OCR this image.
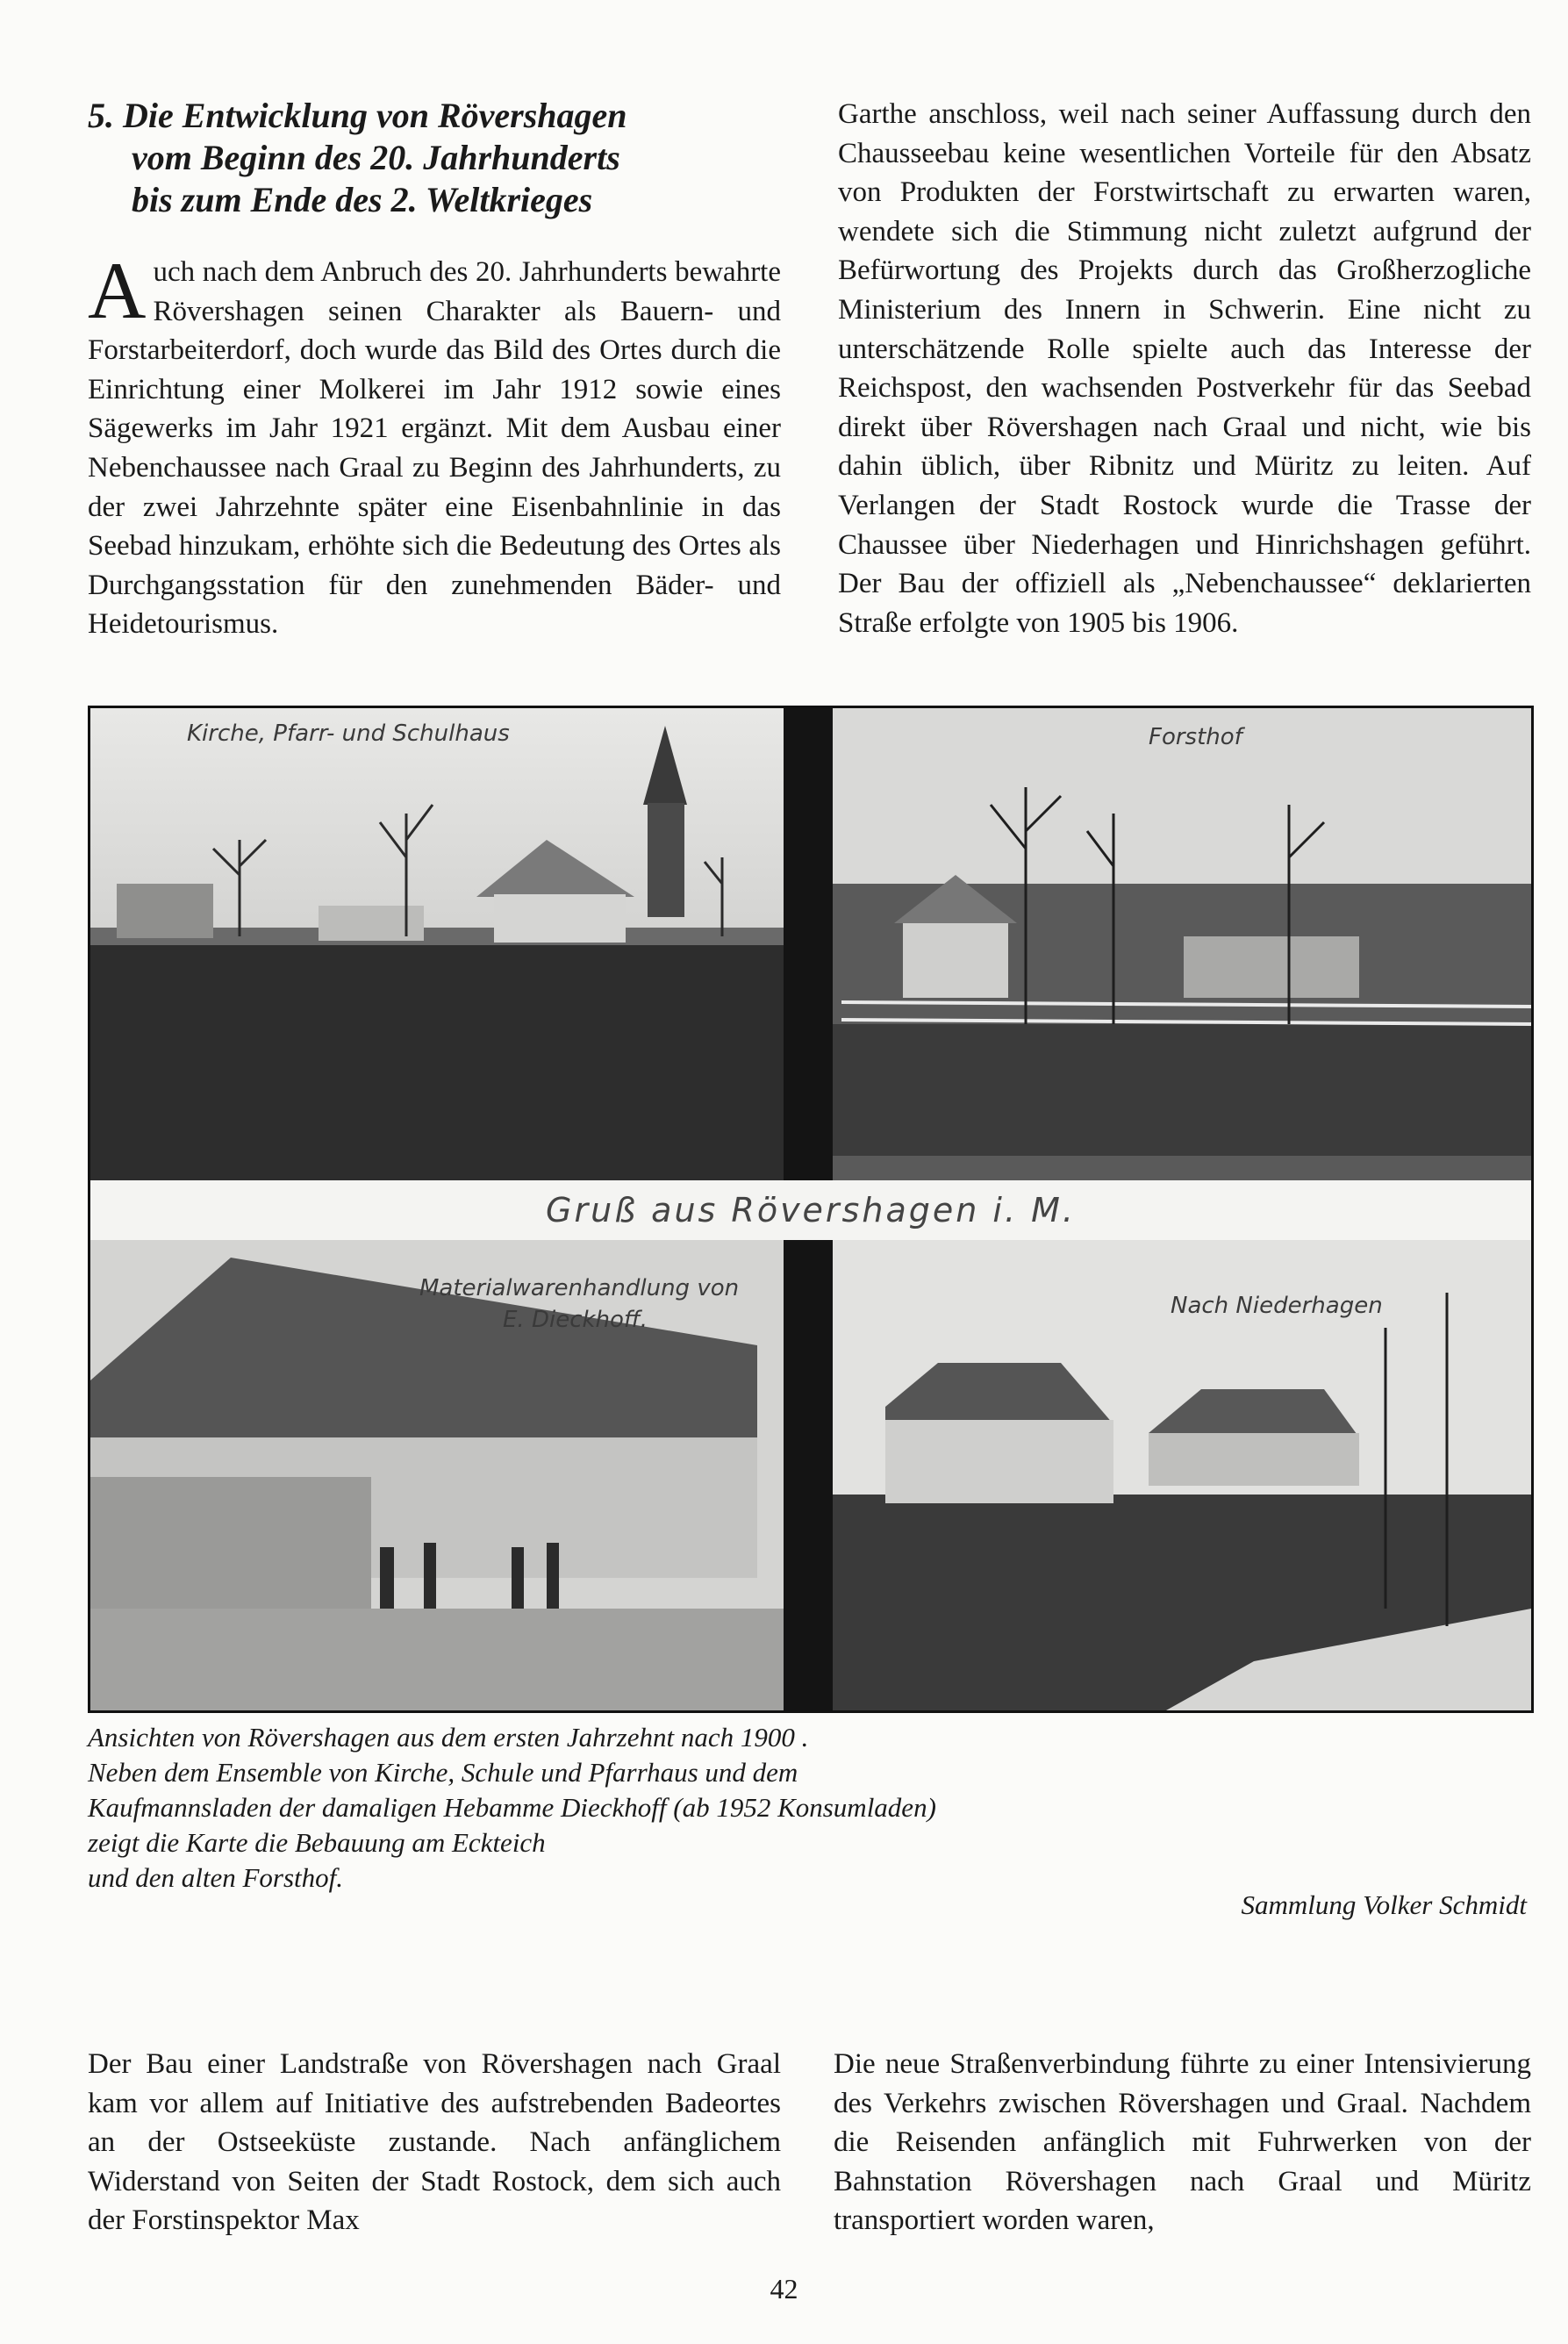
5. Die Entwicklung von Rövershagen
vom Beginn des 20. Jahrhunderts
bis zum Ende des 2. Weltkrieges
Auch nach dem Anbruch des 20. Jahrhunderts bewahrte Rövershagen seinen Charakter als Bauern- und Forstarbeiterdorf, doch wurde das Bild des Ortes durch die Einrichtung einer Molkerei im Jahr 1912 sowie eines Sägewerks im Jahr 1921 ergänzt. Mit dem Ausbau einer Nebenchaussee nach Graal zu Beginn des Jahrhunderts, zu der zwei Jahrzehnte später eine Eisenbahnlinie in das Seebad hinzukam, erhöhte sich die Bedeutung des Ortes als Durchgangsstation für den zunehmenden Bäder- und Heidetourismus.
Garthe anschloss, weil nach seiner Auffassung durch den Chausseebau keine wesentlichen Vorteile für den Absatz von Produkten der Forstwirtschaft zu erwarten waren, wendete sich die Stimmung nicht zuletzt aufgrund der Befürwortung des Projekts durch das Großherzogliche Ministerium des Innern in Schwerin. Eine nicht zu unterschätzende Rolle spielte auch das Interesse der Reichspost, den wachsenden Postverkehr für das Seebad direkt über Rövershagen nach Graal und nicht, wie bis dahin üblich, über Ribnitz und Müritz zu leiten. Auf Verlangen der Stadt Rostock wurde die Trasse der Chaussee über Niederhagen und Hinrichshagen geführt. Der Bau der offiziell als „Nebenchaussee“ deklarierten Straße erfolgte von 1905 bis 1906.
Kirche, Pfarr- und Schulhaus	Forsthof
Gruß aus Rövershagen i. M.
Materialwarenhandlung von
E. Dieckhoff.
Nach Niederhagen
Ansichten von Rövershagen aus dem ersten Jahrzehnt nach 1900 .
Neben dem Ensemble von Kirche, Schule und Pfarrhaus und dem
Kaufmannsladen der damaligen Hebamme Dieckhoff (ab 1952 Konsumladen)
zeigt die Karte die Bebauung am Eckteich
und den alten Forsthof.
Sammlung Volker Schmidt
Der Bau einer Landstraße von Rövershagen nach Graal kam vor allem auf Initiative des aufstrebenden Badeortes an der Ostseeküste zustande. Nach anfänglichem Widerstand von Seiten der Stadt Rostock, dem sich auch der Forstinspektor Max
Die neue Straßenverbindung führte zu einer Intensivierung des Verkehrs zwischen Rövershagen und Graal. Nachdem die Reisenden anfänglich mit Fuhrwerken von der Bahnstation Rövershagen nach Graal und Müritz transportiert worden waren,
42
